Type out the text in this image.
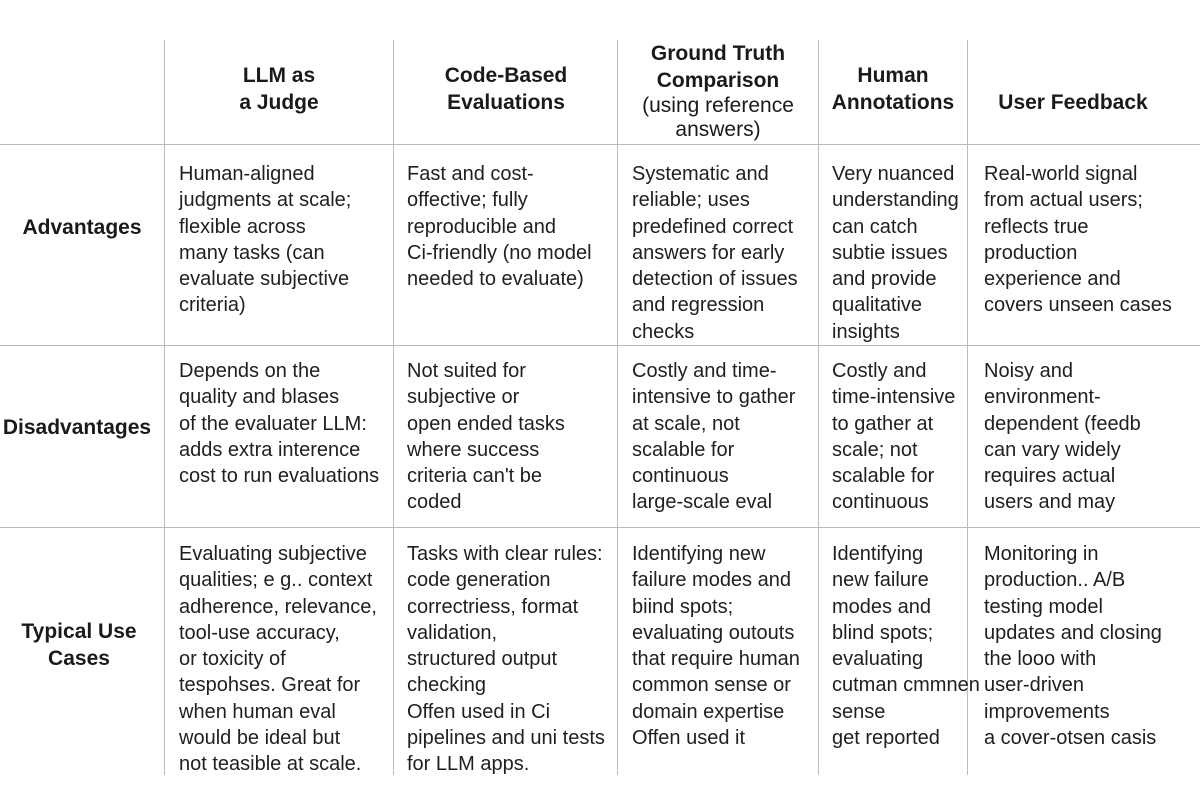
LLM as
a Judge
Code-Based
Evaluations
Ground Truth
Comparison
(using reference
answers)
Human
Annotations	User Feedback
Advantages
Disadvantages
Typical Use
Cases
Human-aligned
judgments at scale;
flexible across
many tasks (can
evaluate subjective
criteria)
Fast and cost-
offective; fully
reproducible and
Ci-friendly (no model
needed to evaluate)
Systematic and
reliable; uses
predefined correct
answers for early
detection of issues
and regression
checks
Very nuanced
understanding
can catch
subtie issues
and provide
qualitative
insights
Real-world signal
from actual users;
reflects true
production
experience and
covers unseen cases
Depends on the
quality and blases
of the evaluater LLM:
adds extra interence
cost to run evaluations
Not suited for
subjective or
open ended tasks
where success
criteria can't be
coded
Costly and time-
intensive to gather
at scale, not
scalable for
continuous
large-scale eval
Costly and
time-intensive
to gather at
scale; not
scalable for
continuous
Noisy and
environment-
dependent (feedb
can vary widely
requires actual
users and may
Evaluating subjective
qualities; e g.. context
adherence, relevance,
tool-use accuracy,
or toxicity of
tespohses. Great for
when human eval
would be ideal but
not teasible at scale.
Tasks with clear rules:
code generation
correctriess, format
validation,
structured output
checking
Offen used in Ci
pipelines and uni tests
for LLM apps.
Identifying new
failure modes and
biind spots;
evaluating outouts
that require human
common sense or
domain expertise
Offen used it
Identifying
new failure
modes and
blind spots;
evaluating
cutman cmmnen
sense
get reported
Monitoring in
production.. A/B
testing model
updates and closing
the looo with
user-driven
improvements
a cover-otsen casis
